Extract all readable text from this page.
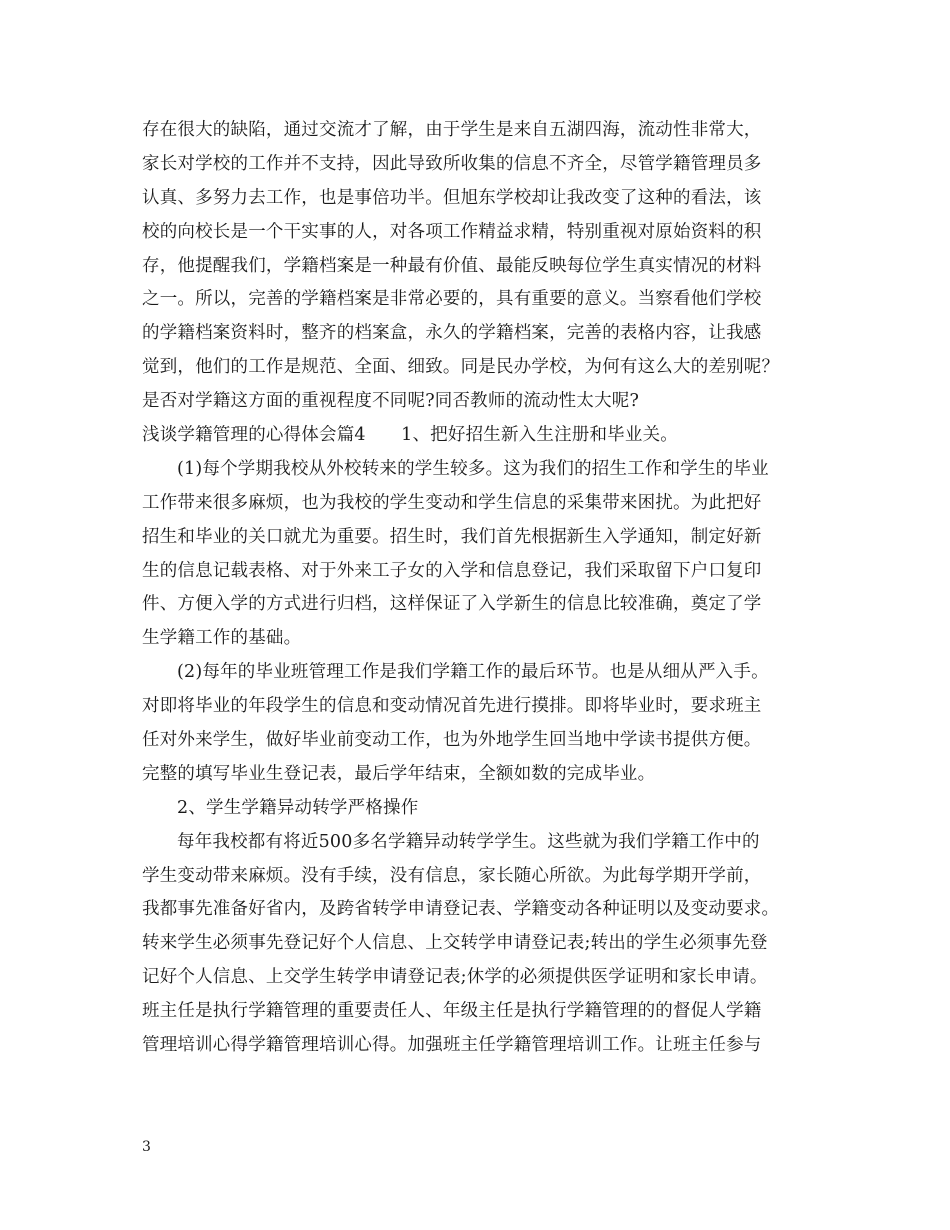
存在很大的缺陷，通过交流才了解，由于学生是来自五湖四海，流动性非常大，
家长对学校的工作并不支持，因此导致所收集的信息不齐全，尽管学籍管理员多
认真、多努力去工作，也是事倍功半。但旭东学校却让我改变了这种的看法，该
校的向校长是一个干实事的人，对各项工作精益求精，特别重视对原始资料的积
存，他提醒我们，学籍档案是一种最有价值、最能反映每位学生真实情况的材料
之一。所以，完善的学籍档案是非常必要的，具有重要的意义。当察看他们学校
的学籍档案资料时，整齐的档案盒，永久的学籍档案，完善的表格内容，让我感
觉到，他们的工作是规范、全面、细致。同是民办学校，为何有这么大的差别呢？
是否对学籍这方面的重视程度不同呢?同否教师的流动性太大呢?
浅谈学籍管理的心得体会篇4　　1、把好招生新入生注册和毕业关。
(1)每个学期我校从外校转来的学生较多。这为我们的招生工作和学生的毕业
工作带来很多麻烦，也为我校的学生变动和学生信息的采集带来困扰。为此把好
招生和毕业的关口就尤为重要。招生时，我们首先根据新生入学通知，制定好新
生的信息记载表格、对于外来工子女的入学和信息登记，我们采取留下户口复印
件、方便入学的方式进行归档，这样保证了入学新生的信息比较准确，奠定了学
生学籍工作的基础。
(2)每年的毕业班管理工作是我们学籍工作的最后环节。也是从细从严入手。
对即将毕业的年段学生的信息和变动情况首先进行摸排。即将毕业时，要求班主
任对外来学生，做好毕业前变动工作，也为外地学生回当地中学读书提供方便。
完整的填写毕业生登记表，最后学年结束，全额如数的完成毕业。
2、学生学籍异动转学严格操作
每年我校都有将近500多名学籍异动转学学生。这些就为我们学籍工作中的
学生变动带来麻烦。没有手续，没有信息，家长随心所欲。为此每学期开学前，
我都事先准备好省内，及跨省转学申请登记表、学籍变动各种证明以及变动要求。
转来学生必须事先登记好个人信息、上交转学申请登记表;转出的学生必须事先登
记好个人信息、上交学生转学申请登记表;休学的必须提供医学证明和家长申请。
班主任是执行学籍管理的重要责任人、年级主任是执行学籍管理的的督促人学籍
管理培训心得学籍管理培训心得。加强班主任学籍管理培训工作。让班主任参与
3
